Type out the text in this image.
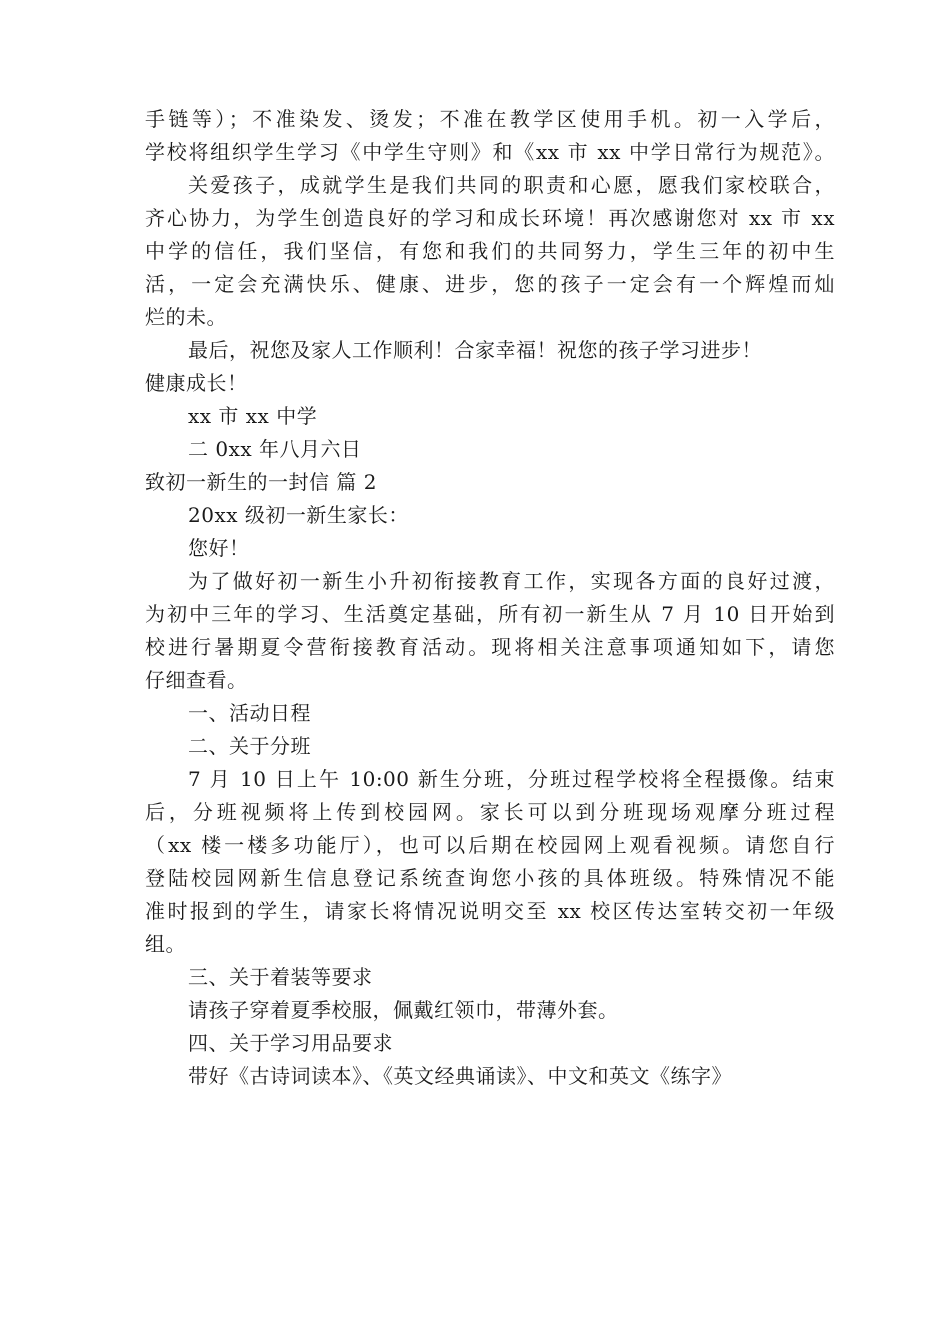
手链等）；不准染发、烫发；不准在教学区使用手机。初一入学后，
学校将组织学生学习《中学生守则》和《xx 市 xx 中学日常行为规范》。
关爱孩子，成就学生是我们共同的职责和心愿，愿我们家校联合，
齐心协力，为学生创造良好的学习和成长环境！再次感谢您对 xx 市 xx
中学的信任，我们坚信，有您和我们的共同努力，学生三年的初中生
活，一定会充满快乐、健康、进步，您的孩子一定会有一个辉煌而灿
烂的未。
最后，祝您及家人工作顺利！合家幸福！祝您的孩子学习进步！
健康成长！
xx 市 xx 中学
二 0xx 年八月六日
致初一新生的一封信 篇 2
20xx 级初一新生家长：
您好！
为了做好初一新生小升初衔接教育工作，实现各方面的良好过渡，
为初中三年的学习、生活奠定基础，所有初一新生从 7 月 10 日开始到
校进行暑期夏令营衔接教育活动。现将相关注意事项通知如下，请您
仔细查看。
一、活动日程
二、关于分班
7 月 10 日上午 10:00 新生分班，分班过程学校将全程摄像。结束
后，分班视频将上传到校园网。家长可以到分班现场观摩分班过程
（xx 楼一楼多功能厅），也可以后期在校园网上观看视频。请您自行
登陆校园网新生信息登记系统查询您小孩的具体班级。特殊情况不能
准时报到的学生，请家长将情况说明交至 xx 校区传达室转交初一年级
组。
三、关于着装等要求
请孩子穿着夏季校服，佩戴红领巾，带薄外套。
四、关于学习用品要求
带好《古诗词读本》、《英文经典诵读》、中文和英文《练字》
